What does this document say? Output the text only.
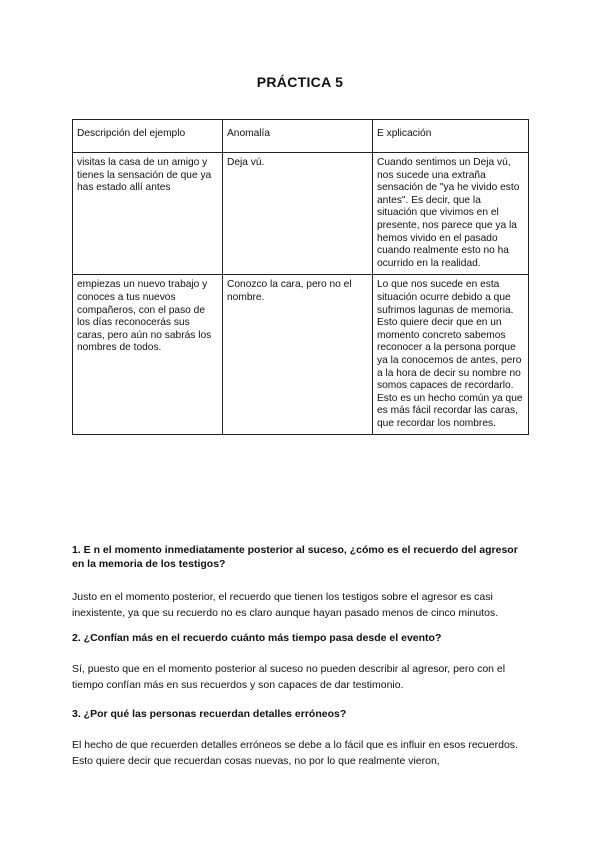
PRÁCTICA 5
Descripción del ejemplo	Anomalía	E xplicación
visitas la casa de un amigo y tienes la sensación de que ya has estado allí antes	Deja vú.	Cuando sentimos un Deja vú, nos sucede una extraña sensación de "ya he vivido esto antes". Es decir, que la situación que vivimos en el presente, nos parece que ya la hemos vivido en el pasado cuando realmente esto no ha ocurrido en la realidad.
empiezas un nuevo trabajo y conoces a tus nuevos compañeros, con el paso de los días reconocerás sus caras, pero aún no sabrás los nombres de todos.	Conozco la cara, pero no el nombre.	Lo que nos sucede en esta situación ocurre debido a que sufrimos lagunas de memoria. Esto quiere decir que en un momento concreto sabemos reconocer a la persona porque ya la conocemos de antes, pero a la hora de decir su nombre no somos capaces de recordarlo. Esto es un hecho común ya que es más fácil recordar las caras, que recordar los nombres.
1. E n el momento inmediatamente posterior al suceso, ¿cómo es el recuerdo del agresor en la memoria de los testigos?
Justo en el momento posterior, el recuerdo que tienen los testigos sobre el agresor es casi inexistente, ya que su recuerdo no es claro aunque hayan pasado menos de cinco minutos.
2. ¿Confían más en el recuerdo cuánto más tiempo pasa desde el evento?
Sí, puesto que en el momento posterior al suceso no pueden describir al agresor, pero con el tiempo confían más en sus recuerdos y son capaces de dar testimonio.
3. ¿Por qué las personas recuerdan detalles erróneos?
El hecho de que recuerden detalles erróneos se debe a lo fácil que es influir en esos recuerdos. Esto quiere decir que recuerdan cosas nuevas, no por lo que realmente vieron,
